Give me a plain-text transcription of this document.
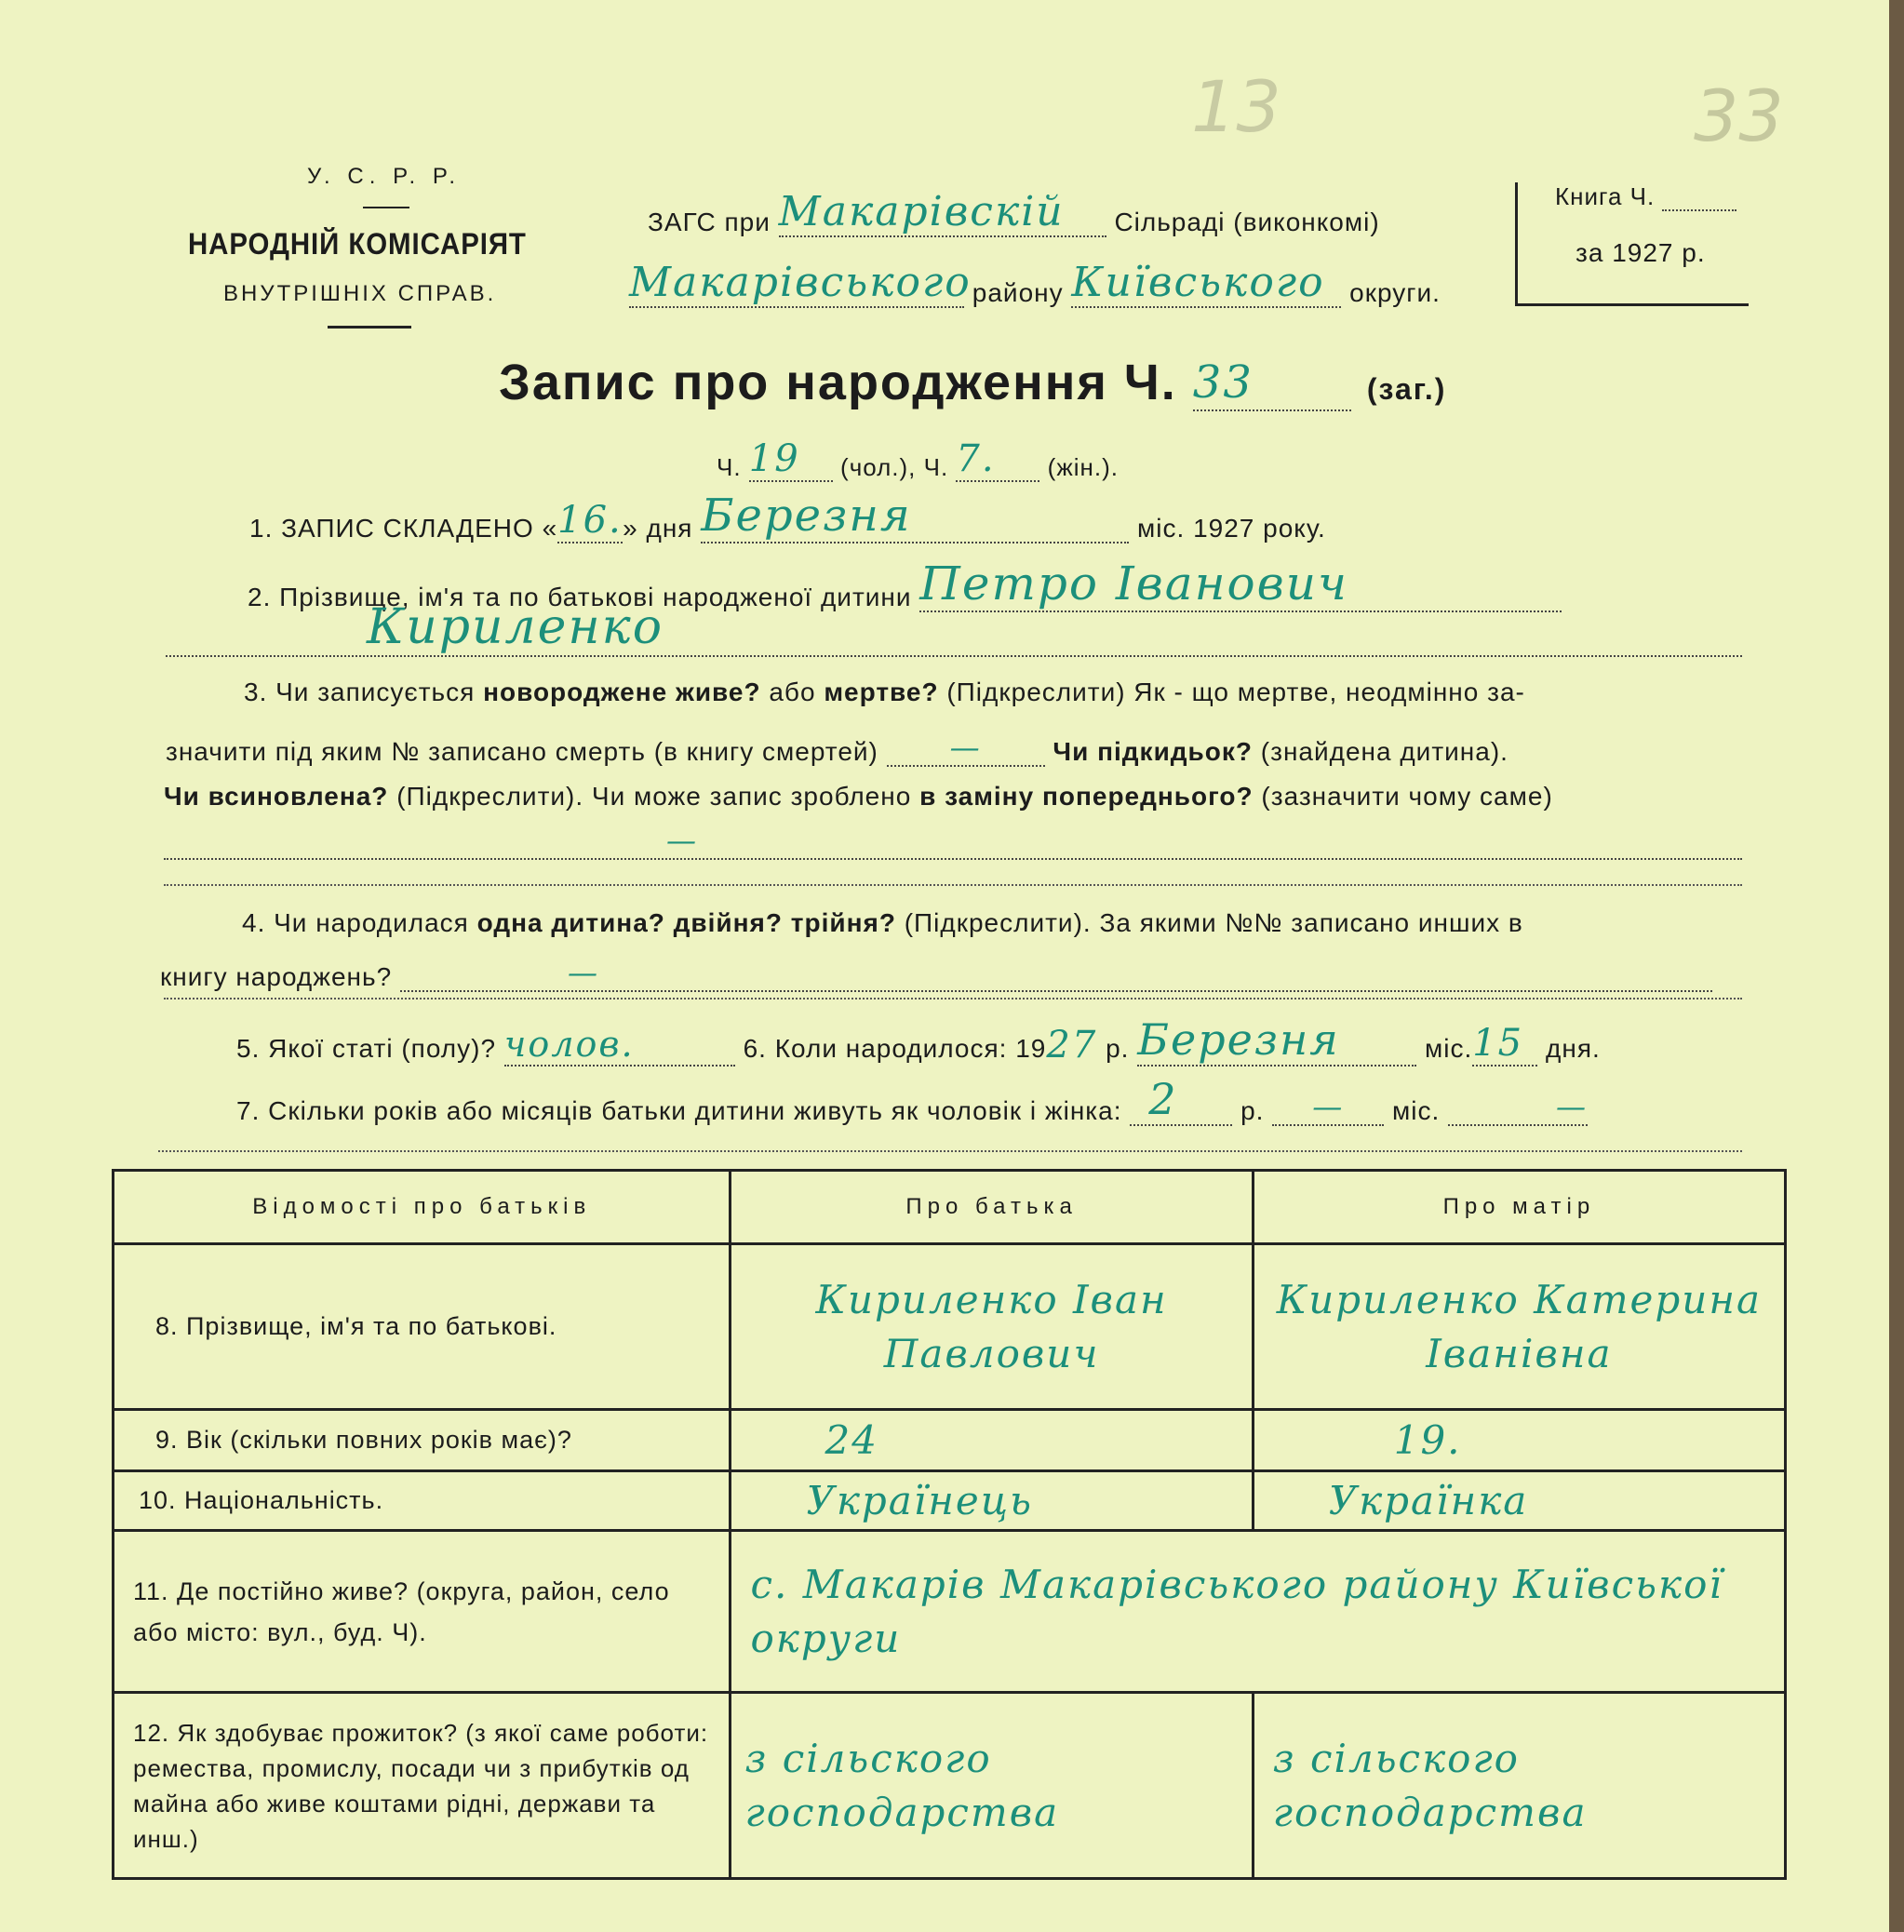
13	33
У. С. Р. Р.
НАРОДНІЙ КОМІСАРІЯТ
ВНУТРІШНІХ СПРАВ.
ЗАГС при Макарівскій Сільраді (виконкомі)
Макарівського району Київського округи.
Книга Ч.
за 1927 р.
Запис про народження Ч. 33	(заг.)
Ч. 19 (чол.), Ч. 7. (жін.).
1. ЗАПИС СКЛАДЕНО «16.» дня Березня	міс. 1927 року.
2. Прізвище, ім'я та по батькові народженої дитини Петро Іванович
Кириленко
3. Чи записується новороджене живе? або мертве? (Підкреслити) Як - що мертве, неодмінно за-
значити під яким № записано смерть (в книгу смертей) —	Чи підкидьок? (знайдена дитина).
Чи всиновлена? (Підкреслити). Чи може запис зроблено в заміну попереднього? (зазначити чому саме)
—
4. Чи народилася одна дитина? двійня? трійня? (Підкреслити). За якими №№ записано инших в
книгу народжень?	—
5. Якої статі (полу)? чолов.	6. Коли народилося: 1927 р. Березня	міс.15 дня.
7. Скільки років або місяців батьки дитини живуть як чоловік і жінка: 2 р. — міс.	—
Відомості про батьків	Про батька	Про матір
8. Прізвище, ім'я та по батькові.	Кириленко Іван Павлович	Кириленко Катерина Іванівна
9. Вік (скільки повних років має)?	24	19.
10. Національність.	Українець	Українка
11. Де постійно живе? (округа, район, село або місто: вул., буд. Ч).	с. Макарів Макарівського району Київської округи	
12. Як здобуває прожиток? (з якої саме роботи: ремества, промислу, посади чи з прибутків од майна або живе коштами рідні, держави та инш.)	з сільского господарства	з сільского господарства
